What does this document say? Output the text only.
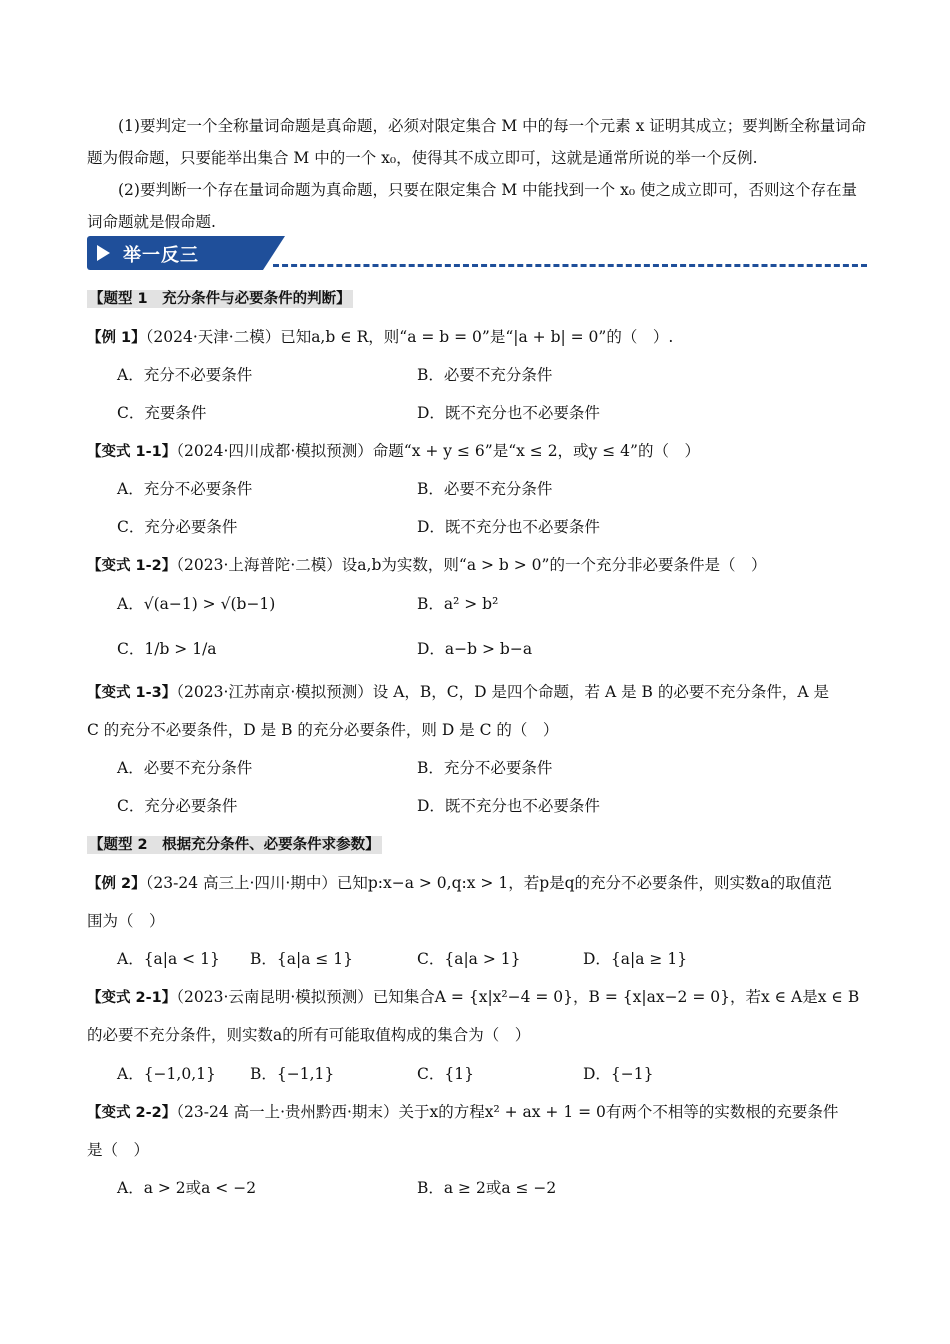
(1)要判定一个全称量词命题是真命题，必须对限定集合 M 中的每一个元素 x 证明其成立；要判断全称量词命题为假命题，只要能举出集合 M 中的一个 x₀，使得其不成立即可，这就是通常所说的举一个反例.

(2)要判断一个存在量词命题为真命题，只要在限定集合 M 中能找到一个 x₀ 使之成立即可，否则这个存在量词命题就是假命题.

举一反三
【题型 1　充分条件与必要条件的判断】
【例 1】（2024·天津·二模）已知a,b ∈ R，则“a = b = 0”是“|a + b| = 0”的（　）.
A．充分不必要条件	B．必要不充分条件
C．充要条件	D．既不充分也不必要条件
【变式 1-1】（2024·四川成都·模拟预测）命题“x + y ≤ 6”是“x ≤ 2，或y ≤ 4”的（　）
A．充分不必要条件	B．必要不充分条件
C．充分必要条件	D．既不充分也不必要条件
【变式 1-2】（2023·上海普陀·二模）设a,b为实数，则“a > b > 0”的一个充分非必要条件是（　）
A．√(a−1) > √(b−1)	B．a² > b²
C．1/b > 1/a	D．a−b > b−a
【变式 1-3】（2023·江苏南京·模拟预测）设 A，B，C，D 是四个命题，若 A 是 B 的必要不充分条件，A 是
C 的充分不必要条件，D 是 B 的充分必要条件，则 D 是 C 的（　）
A．必要不充分条件	B．充分不必要条件
C．充分必要条件	D．既不充分也不必要条件
【题型 2　根据充分条件、必要条件求参数】
【例 2】（23-24 高三上·四川·期中）已知p:x−a > 0,q:x > 1，若p是q的充分不必要条件，则实数a的取值范
围为（　）
A．{a|a < 1} B．{a|a ≤ 1}	C．{a|a > 1}	D．{a|a ≥ 1}
【变式 2-1】（2023·云南昆明·模拟预测）已知集合A = {x|x²−4 = 0}，B = {x|ax−2 = 0}，若x ∈ A是x ∈ B
的必要不充分条件，则实数a的所有可能取值构成的集合为（　）
A．{−1,0,1} B．{−1,1}	C．{1}	D．{−1}
【变式 2-2】（23-24 高一上·贵州黔西·期末）关于x的方程x² + ax + 1 = 0有两个不相等的实数根的充要条件
是（　）
A．a > 2或a < −2	B．a ≥ 2或a ≤ −2
